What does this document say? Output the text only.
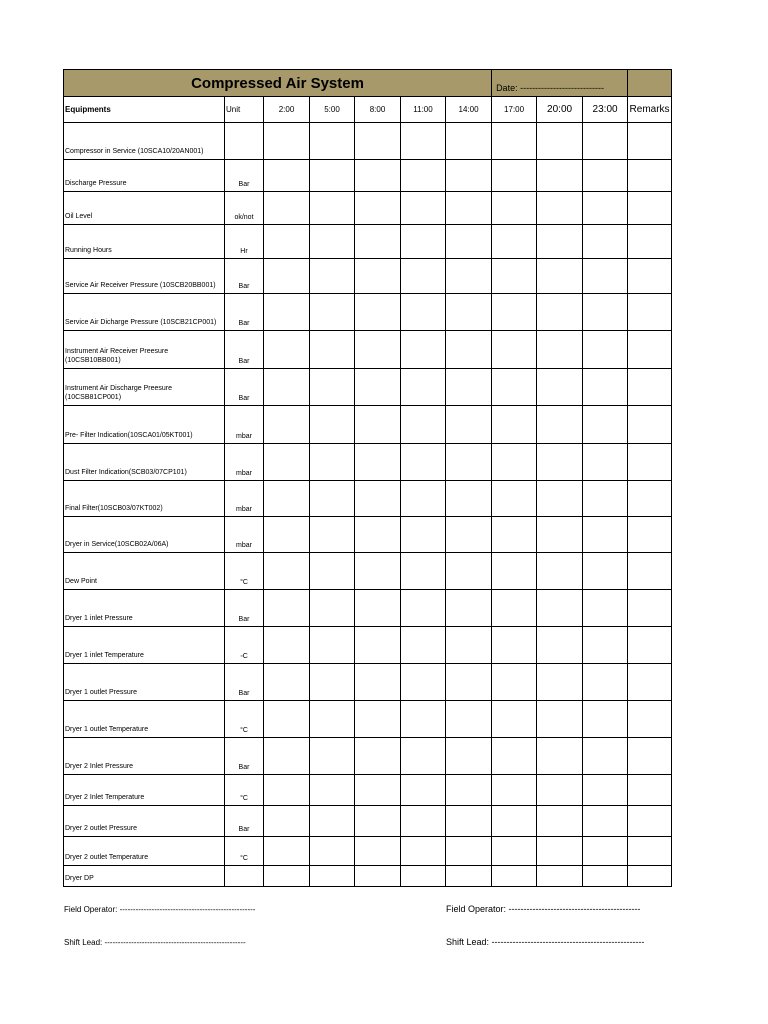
Compressed Air System							Date: ----------------------------			
Equipments	Unit	2:00	5:00	8:00	11:00	14:00	17:00	20:00	23:00	Remarks
Compressor in Service (10SCA10/20AN001)										
Discharge Pressure	Bar									
Oil Level	ok/not									
Running Hours	Hr									
Service Air Receiver Pressure (10SCB20BB001)	Bar									
Service Air Dicharge Pressure (10SCB21CP001)	Bar									
Instrument Air Receiver Preesure (10CSB10BB001)	Bar									
Instrument Air Discharge Preesure (10CSB81CP001)	Bar									
Pre- Filter Indication(10SCA01/05KT001)	mbar									
Dust Filter Indication(SCB03/07CP101)	mbar									
Final Filter(10SCB03/07KT002)	mbar									
Dryer in Service(10SCB02A/06A)	mbar									
Dew Point	°C									
Dryer 1 inlet Pressure	Bar									
Dryer 1 inlet Temperature	◦C									
Dryer 1 outlet Pressure	Bar									
Dryer 1 outlet Temperature	°C									
Dryer 2 Inlet Pressure	Bar									
Dryer 2 Inlet Temperature	°C									
Dryer 2 outlet Pressure	Bar									
Dryer 2 outlet Temperature	°C									
Dryer DP										
Field Operator: ---------------------------------------------------
Shift Lead: -----------------------------------------------------
Field Operator: --------------------------------------------
Shift Lead: ---------------------------------------------------
